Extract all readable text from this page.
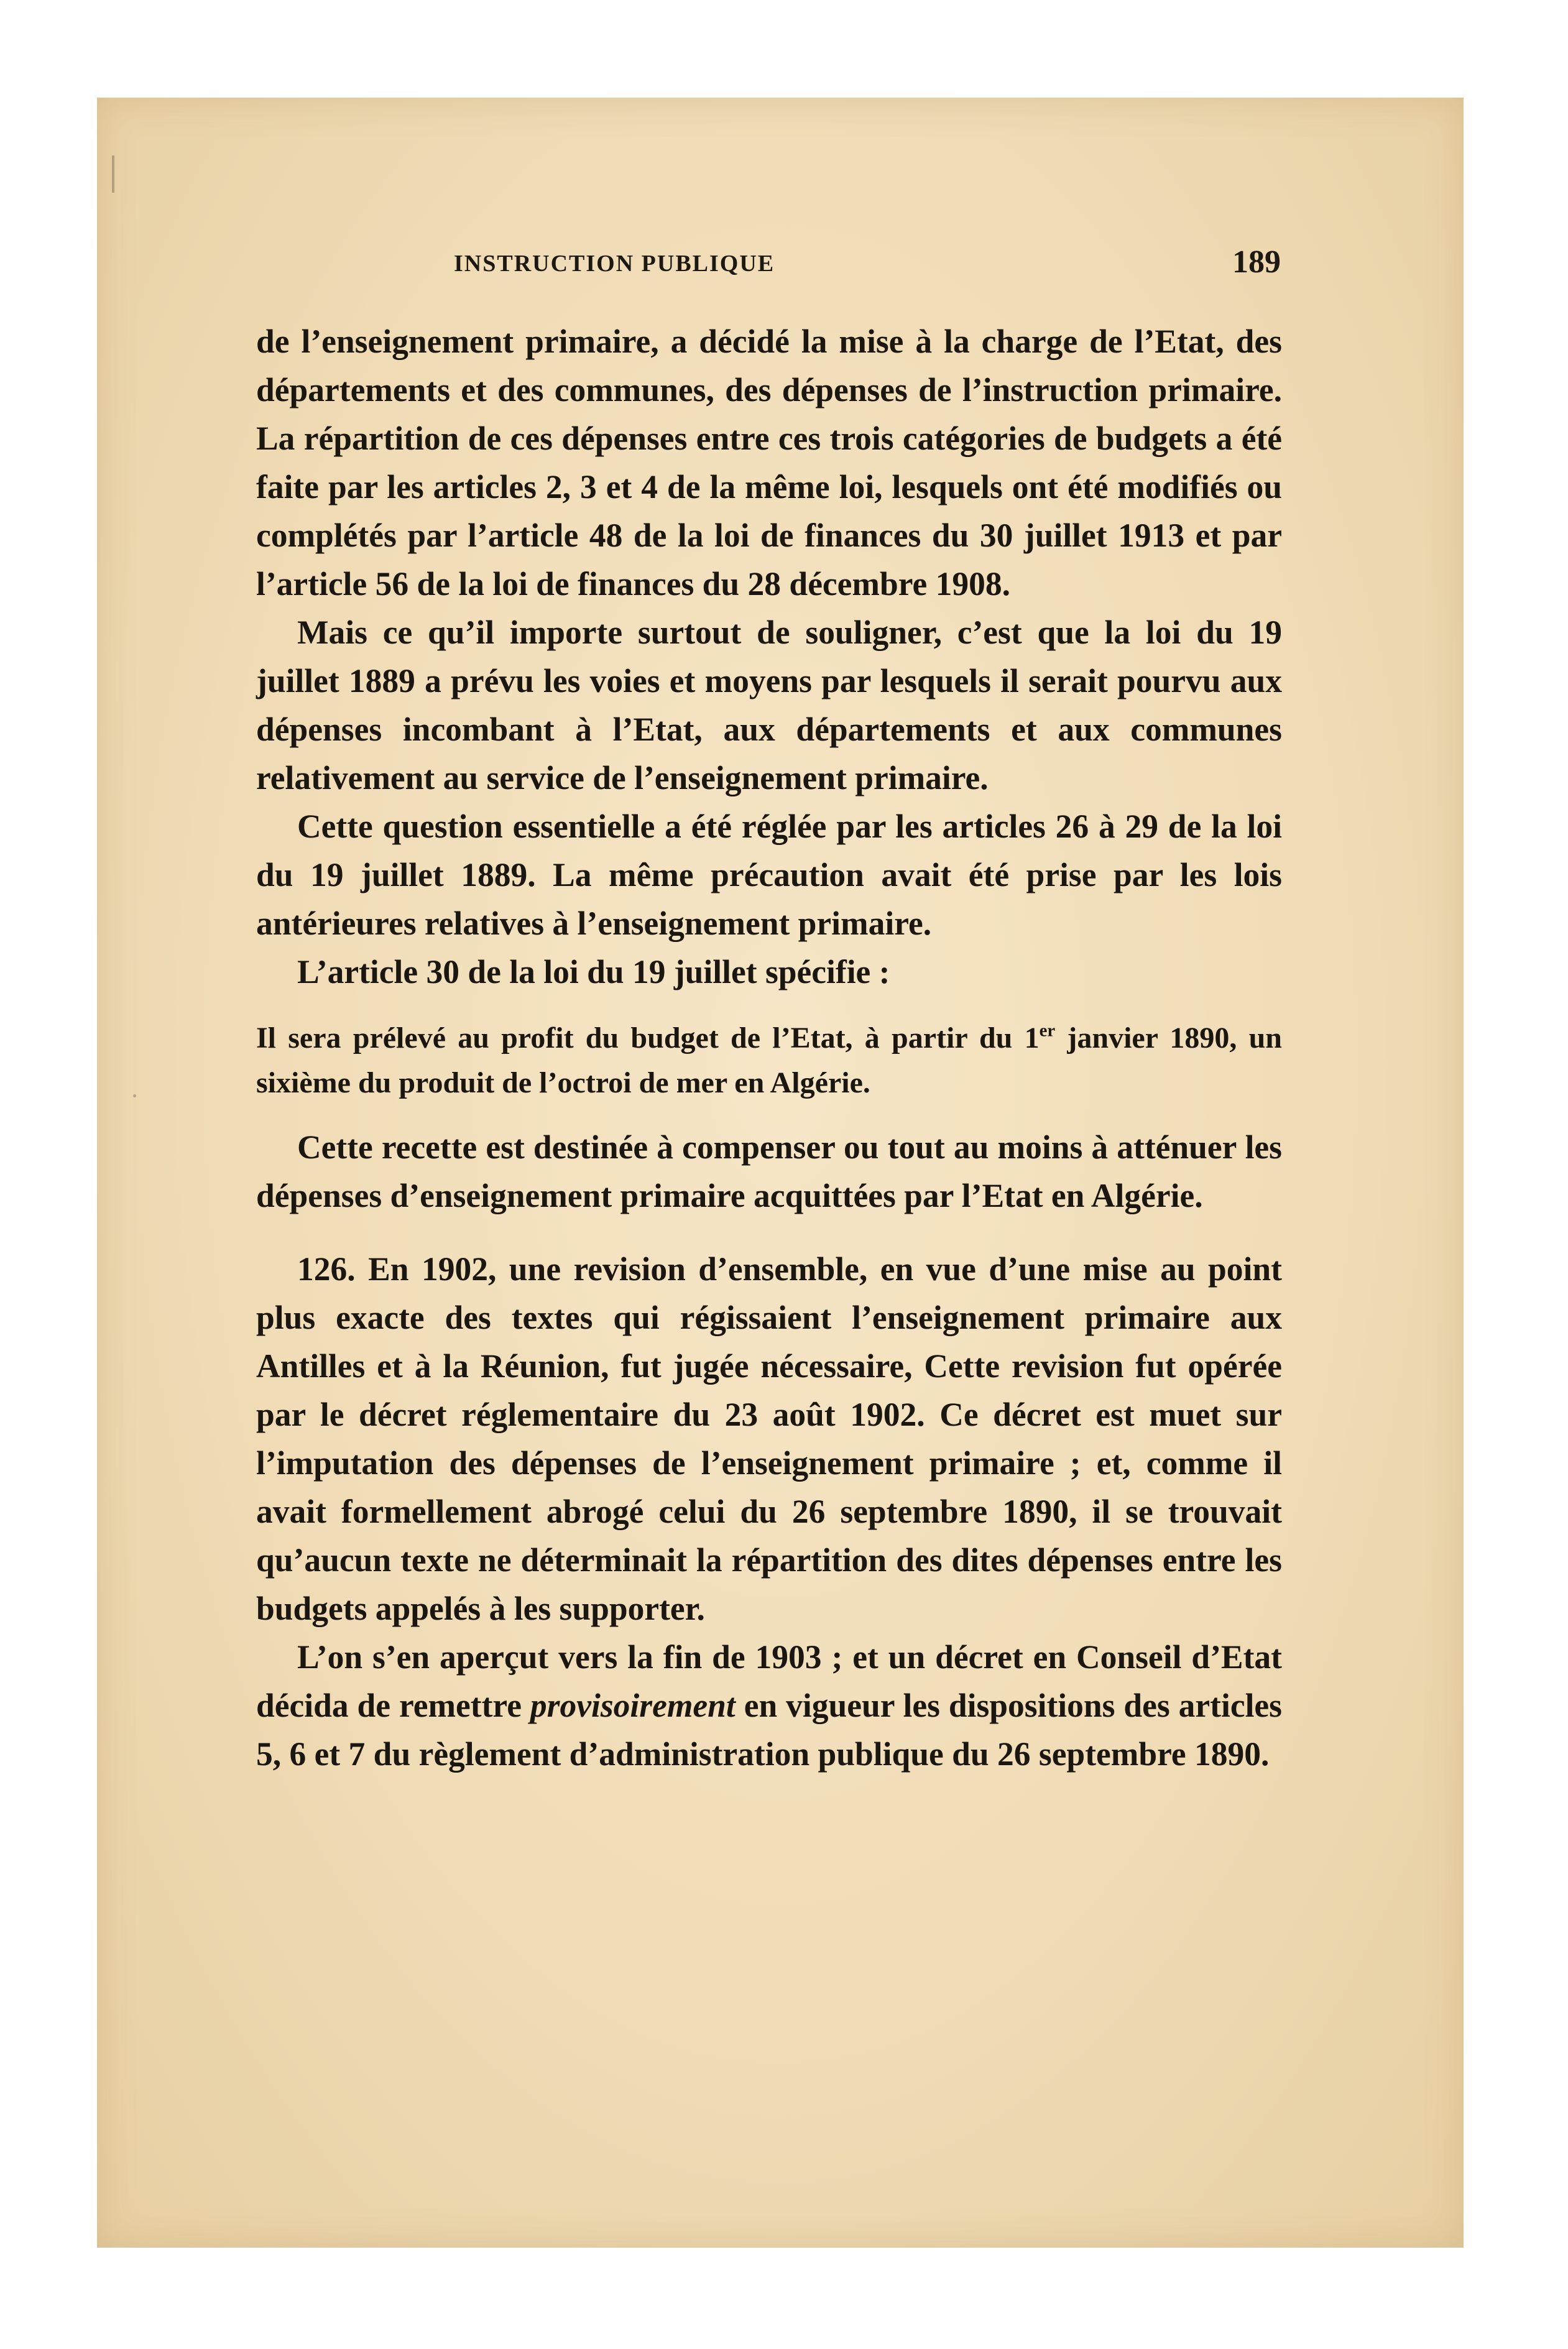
INSTRUCTION PUBLIQUE	189

de l’enseignement primaire, a décidé la mise à la charge de l’Etat, des départements et des communes, des dépenses de l’instruction primaire. La répartition de ces dépenses entre ces trois catégories de budgets a été faite par les articles 2, 3 et 4 de la même loi, lesquels ont été modifiés ou complétés par l’article 48 de la loi de finances du 30 juillet 1913 et par l’article 56 de la loi de finances du 28 décembre 1908.

Mais ce qu’il importe surtout de souligner, c’est que la loi du 19 juillet 1889 a prévu les voies et moyens par lesquels il serait pourvu aux dépenses incombant à l’Etat, aux départements et aux communes relativement au service de l’enseignement primaire.

Cette question essentielle a été réglée par les articles 26 à 29 de la loi du 19 juillet 1889. La même précaution avait été prise par les lois antérieures relatives à l’enseignement primaire.

L’article 30 de la loi du 19 juillet spécifie :

Il sera prélevé au profit du budget de l’Etat, à partir du 1er janvier 1890, un sixième du produit de l’octroi de mer en Algérie.

Cette recette est destinée à compenser ou tout au moins à atténuer les dépenses d’enseignement primaire acquittées par l’Etat en Algérie.

126. En 1902, une revision d’ensemble, en vue d’une mise au point plus exacte des textes qui régissaient l’enseignement primaire aux Antilles et à la Réunion, fut jugée nécessaire, Cette revision fut opérée par le décret réglementaire du 23 août 1902. Ce décret est muet sur l’imputation des dépenses de l’enseignement primaire ; et, comme il avait formellement abrogé celui du 26 septembre 1890, il se trouvait qu’aucun texte ne déterminait la répartition des dites dépenses entre les budgets appelés à les supporter.

L’on s’en aperçut vers la fin de 1903 ; et un décret en Conseil d’Etat décida de remettre provisoirement en vigueur les dispositions des articles 5, 6 et 7 du règlement d’administration publique du 26 septembre 1890.
